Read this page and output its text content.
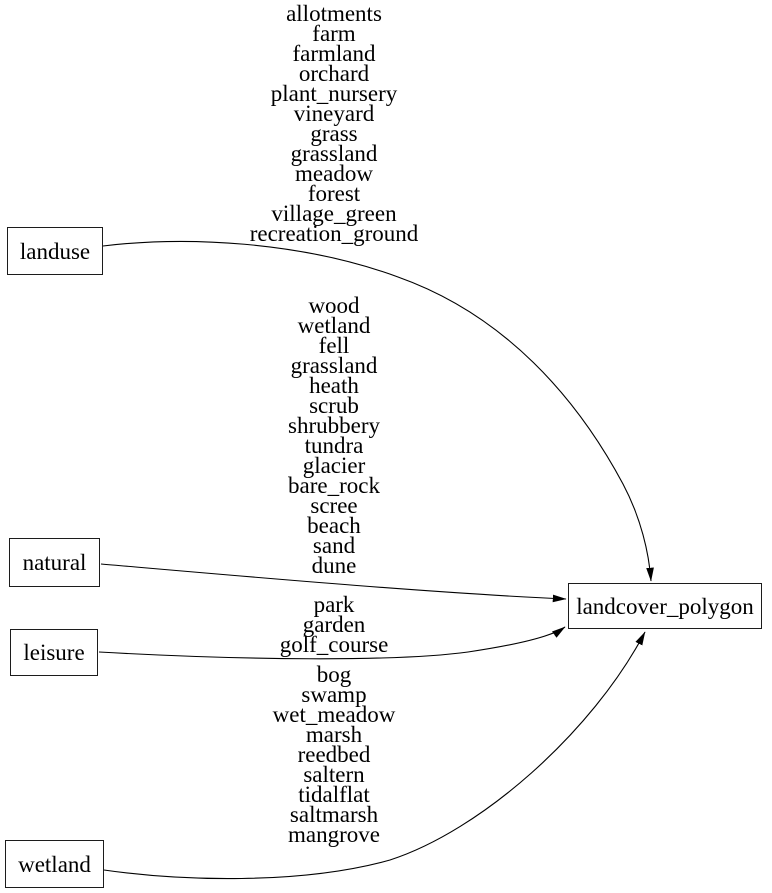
allotments
farm
farmland
orchard
plant_nursery
vineyard
grass
grassland
meadow
forest
village_green
recreation_ground
wood
wetland
fell
grassland
heath
scrub
shrubbery
tundra
glacier
bare_rock
scree
beach
sand
dune
park
garden
golf_course
bog
swamp
wet_meadow
marsh
reedbed
saltern
tidalflat
saltmarsh
mangrove
landuse
natural
leisure
wetland
landcover_polygon
